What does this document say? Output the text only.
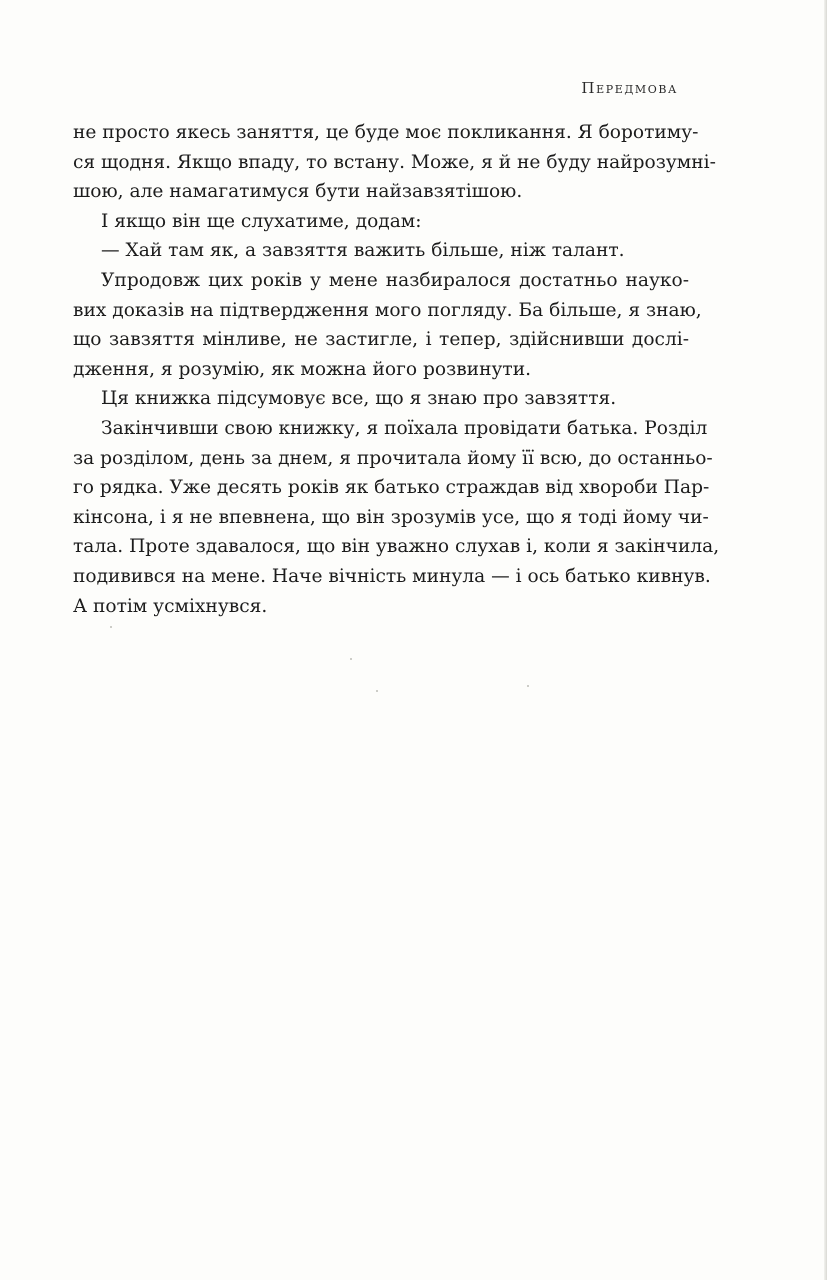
Передмова
не просто якесь заняття, це буде моє покликання. Я боротиму-
ся щодня. Якщо впаду, то встану. Може, я й не буду найрозумні-
шою, але намагатимуся бути найзавзятішою.
І якщо він ще слухатиме, додам:
— Хай там як, а завзяття важить більше, ніж талант.
Упродовж цих років у мене назбиралося достатньо науко-
вих доказів на підтвердження мого погляду. Ба більше, я знаю,
що завзяття мінливе, не застигле, і тепер, здійснивши дослі-
дження, я розумію, як можна його розвинути.
Ця книжка підсумовує все, що я знаю про завзяття.
Закінчивши свою книжку, я поїхала провідати батька. Розділ
за розділом, день за днем, я прочитала йому її всю, до останньо-
го рядка. Уже десять років як батько страждав від хвороби Пар-
кінсона, і я не впевнена, що він зрозумів усе, що я тоді йому чи-
тала. Проте здавалося, що він уважно слухав і, коли я закінчила,
подивився на мене. Наче вічність минула — і ось батько кивнув.
А потім усміхнувся.
